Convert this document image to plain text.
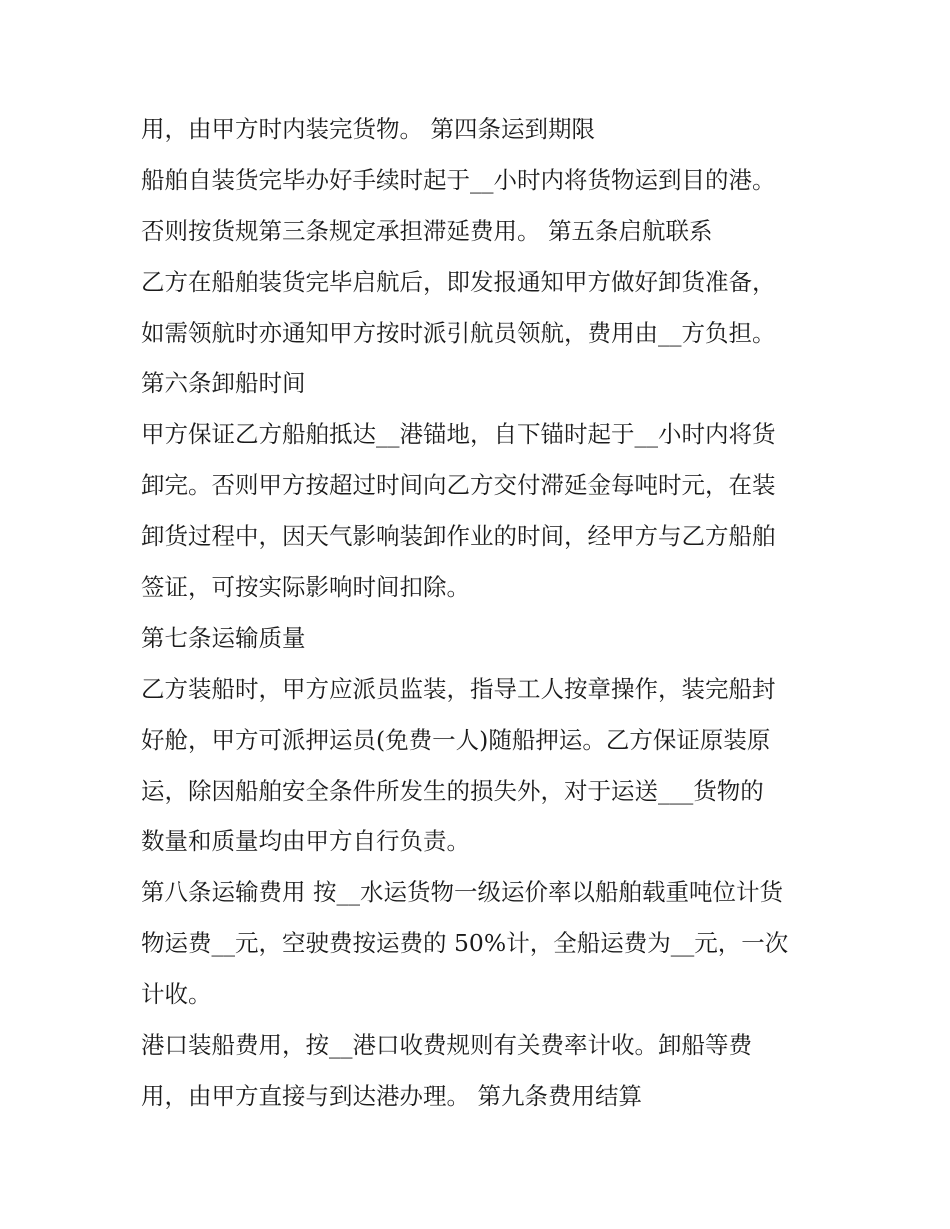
用，由甲方时内装完货物。 第四条运到期限
船舶自装货完毕办好手续时起于__小时内将货物运到目的港。
否则按货规第三条规定承担滞延费用。 第五条启航联系
乙方在船舶装货完毕启航后，即发报通知甲方做好卸货准备，
如需领航时亦通知甲方按时派引航员领航，费用由__方负担。
第六条卸船时间
甲方保证乙方船舶抵达__港锚地，自下锚时起于__小时内将货
卸完。否则甲方按超过时间向乙方交付滞延金每吨时元，在装
卸货过程中，因天气影响装卸作业的时间，经甲方与乙方船舶
签证，可按实际影响时间扣除。
第七条运输质量
乙方装船时，甲方应派员监装，指导工人按章操作，装完船封
好舱，甲方可派押运员(免费一人)随船押运。乙方保证原装原
运，除因船舶安全条件所发生的损失外，对于运送___货物的
数量和质量均由甲方自行负责。
第八条运输费用 按__水运货物一级运价率以船舶载重吨位计货
物运费__元，空驶费按运费的 50%计，全船运费为__元，一次
计收。
港口装船费用，按__港口收费规则有关费率计收。卸船等费
用，由甲方直接与到达港办理。 第九条费用结算
